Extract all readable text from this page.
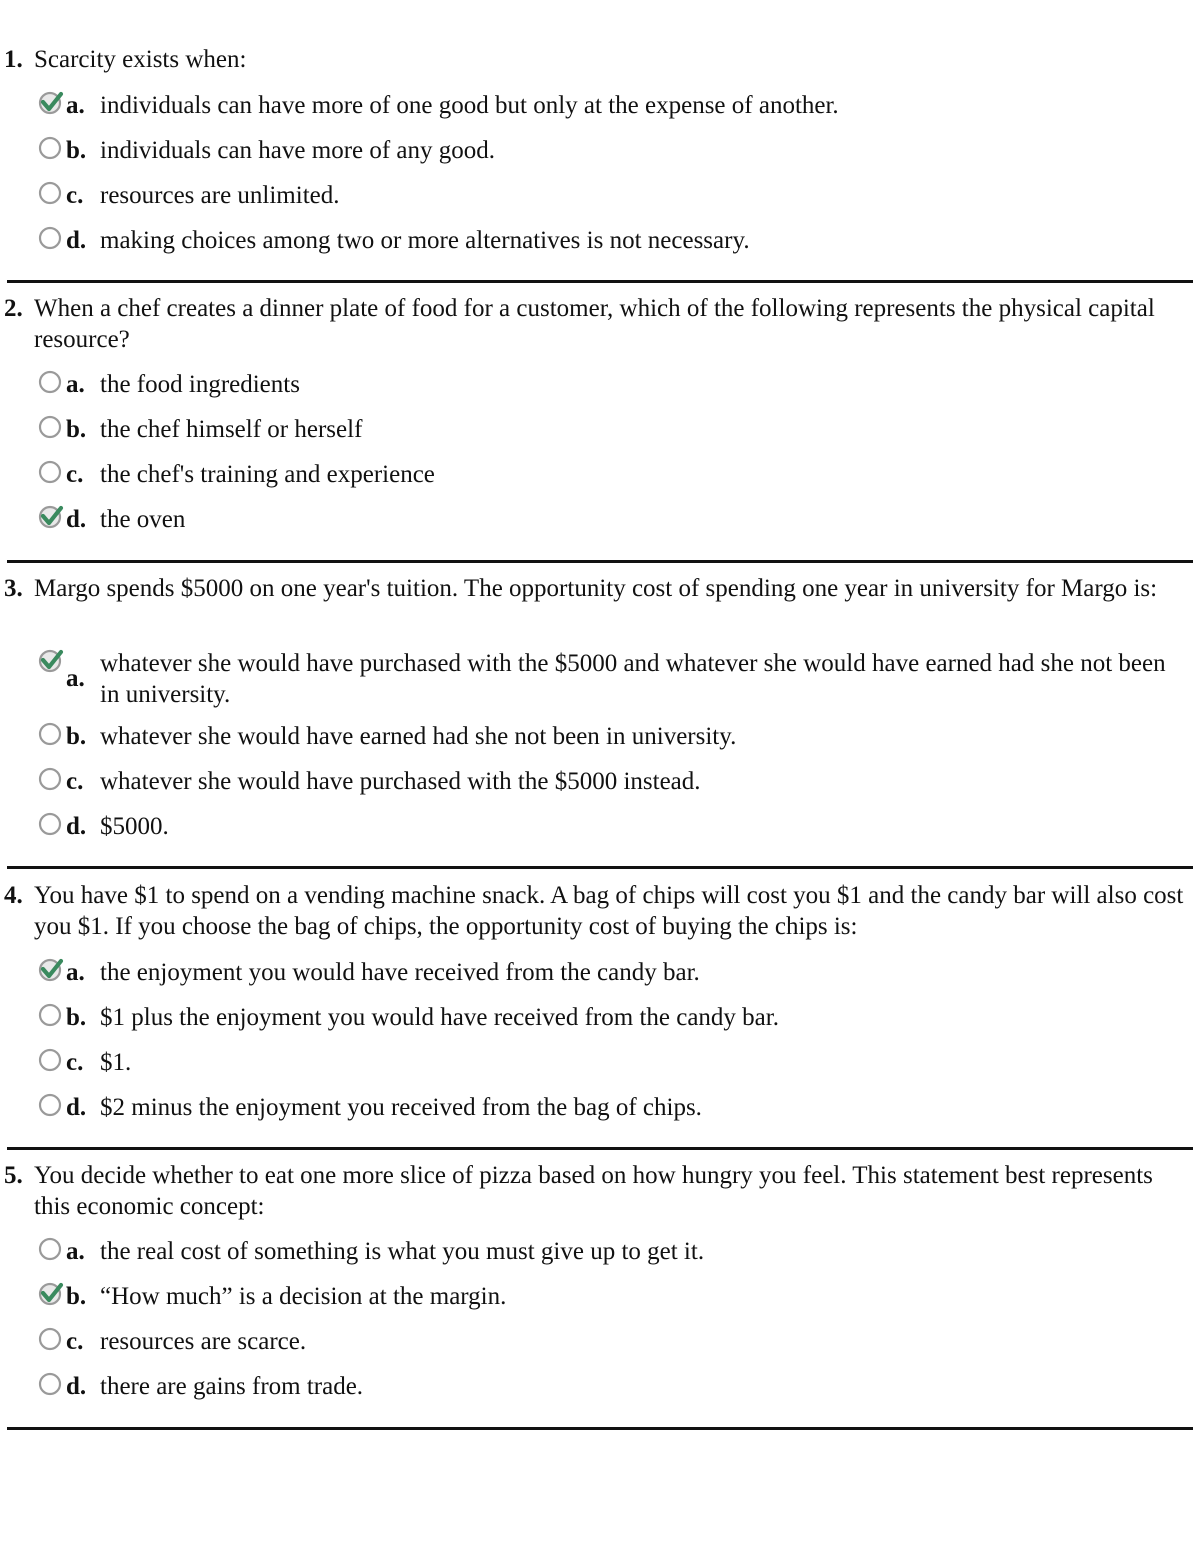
1. Scarcity exists when:
a. individuals can have more of one good but only at the expense of another.
b. individuals can have more of any good.
c. resources are unlimited.
d. making choices among two or more alternatives is not necessary.
2. When a chef creates a dinner plate of food for a customer, which of the following represents the physical capital resource?
a. the food ingredients
b. the chef himself or herself
c. the chef's training and experience
d. the oven
3. Margo spends $5000 on one year's tuition. The opportunity cost of spending one year in university for Margo is:
a.
whatever she would have purchased with the $5000 and whatever she would have earned had she not been in university.
b. whatever she would have earned had she not been in university.
c. whatever she would have purchased with the $5000 instead.
d. $5000.
4. You have $1 to spend on a vending machine snack. A bag of chips will cost you $1 and the candy bar will also cost you $1. If you choose the bag of chips, the opportunity cost of buying the chips is:
a. the enjoyment you would have received from the candy bar.
b. $1 plus the enjoyment you would have received from the candy bar.
c. $1.
d. $2 minus the enjoyment you received from the bag of chips.
5. You decide whether to eat one more slice of pizza based on how hungry you feel. This statement best represents this economic concept:
a. the real cost of something is what you must give up to get it.
b. “How much” is a decision at the margin.
c. resources are scarce.
d. there are gains from trade.
